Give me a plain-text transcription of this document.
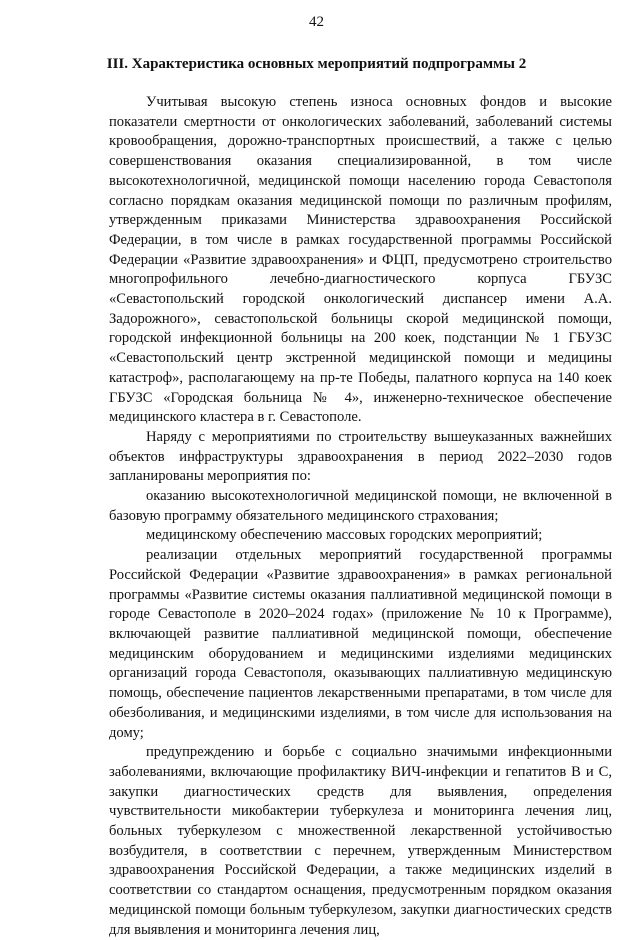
42
III. Характеристика основных мероприятий подпрограммы 2

Учитывая высокую степень износа основных фондов и высокие показатели смертности от онкологических заболеваний, заболеваний системы кровообращения, дорожно-транспортных происшествий, а также с целью совершенствования оказания специализированной, в том числе высокотехнологичной, медицинской помощи населению города Севастополя согласно порядкам оказания медицинской помощи по различным профилям, утвержденным приказами Министерства здравоохранения Российской Федерации, в том числе в рамках государственной программы Российской Федерации «Развитие здравоохранения» и ФЦП, предусмотрено строительство многопрофильного лечебно-диагностического корпуса ГБУЗС «Севастопольский городской онкологический диспансер имени А.А. Задорожного», севастопольской больницы скорой медицинской помощи, городской инфекционной больницы на 200 коек, подстанции № 1 ГБУЗС «Севастопольский центр экстренной медицинской помощи и медицины катастроф», располагающему на пр-те Победы, палатного корпуса на 140 коек ГБУЗС «Городская больница № 4», инженерно-техническое обеспечение медицинского кластера в г. Севастополе.

Наряду с мероприятиями по строительству вышеуказанных важнейших объектов инфраструктуры здравоохранения в период 2022–2030 годов запланированы мероприятия по:

оказанию высокотехнологичной медицинской помощи, не включенной в базовую программу обязательного медицинского страхования;

медицинскому обеспечению массовых городских мероприятий;

реализации отдельных мероприятий государственной программы Российской Федерации «Развитие здравоохранения» в рамках региональной программы «Развитие системы оказания паллиативной медицинской помощи в городе Севастополе в 2020–2024 годах» (приложение № 10 к Программе), включающей развитие паллиативной медицинской помощи, обеспечение медицинским оборудованием и медицинскими изделиями медицинских организаций города Севастополя, оказывающих паллиативную медицинскую помощь, обеспечение пациентов лекарственными препаратами, в том числе для обезболивания, и медицинскими изделиями, в том числе для использования на дому;

предупреждению и борьбе с социально значимыми инфекционными заболеваниями, включающие профилактику ВИЧ-инфекции и гепатитов В и С, закупки диагностических средств для выявления, определения чувствительности микобактерии туберкулеза и мониторинга лечения лиц, больных туберкулезом с множественной лекарственной устойчивостью возбудителя, в соответствии с перечнем, утвержденным Министерством здравоохранения Российской Федерации, а также медицинских изделий в соответствии со стандартом оснащения, предусмотренным порядком оказания медицинской помощи больным туберкулезом, закупки диагностических средств для выявления и мониторинга лечения лиц,
